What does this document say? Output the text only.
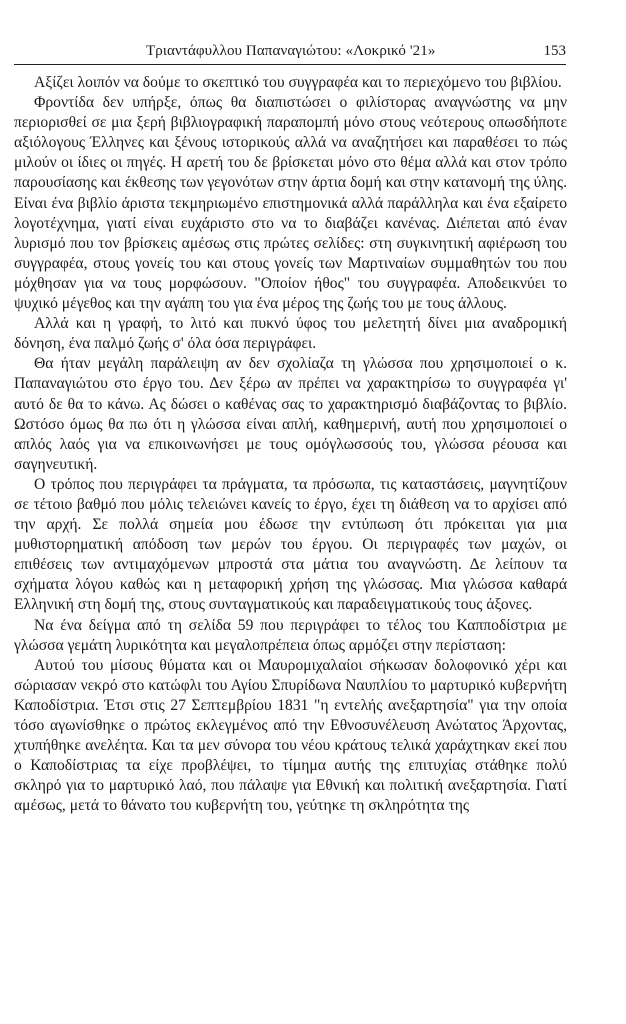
Τριαντάφυλλου Παπαναγιώτου: «Λοκρικό '21»	153

Αξίζει λοιπόν να δούμε το σκεπτικό του συγγραφέα και το περιεχόμενο του βιβλίου.

Φροντίδα δεν υπήρξε, όπως θα διαπιστώσει ο φιλίστορας αναγνώστης να μην περιορισθεί σε μια ξερή βιβλιογραφική παραπομπή μόνο στους νεότερους οπωσδήποτε αξιόλογους Έλληνες και ξένους ιστορικούς αλλά να αναζητήσει και παραθέσει το πώς μιλούν οι ίδιες οι πηγές. Η αρετή του δε βρίσκεται μόνο στο θέμα αλλά και στον τρόπο παρουσίασης και έκθεσης των γεγονότων στην άρτια δομή και στην κατανομή της ύλης. Είναι ένα βιβλίο άριστα τεκμηριωμένο επιστημονικά αλλά παράλληλα και ένα εξαίρετο λογοτέχνημα, γιατί είναι ευχάριστο στο να το διαβάζει κανένας. Διέπεται από έναν λυρισμό που τον βρίσκεις αμέσως στις πρώτες σελίδες: στη συγκινητική αφιέρωση του συγγραφέα, στους γονείς του και στους γονείς των Μαρτιναίων συμμαθητών του που μόχθησαν για να τους μορφώσουν. "Οποίον ήθος" του συγγραφέα. Αποδεικνύει το ψυχικό μέγεθος και την αγάπη του για ένα μέρος της ζωής του με τους άλλους.

Αλλά και η γραφή, το λιτό και πυκνό ύφος του μελετητή δίνει μια αναδρομική δόνηση, ένα παλμό ζωής σ' όλα όσα περιγράφει.

Θα ήταν μεγάλη παράλειψη αν δεν σχολίαζα τη γλώσσα που χρησιμοποιεί ο κ. Παπαναγιώτου στο έργο του. Δεν ξέρω αν πρέπει να χαρακτηρίσω το συγγραφέα γι' αυτό δε θα το κάνω. Ας δώσει ο καθένας σας το χαρακτηρισμό διαβάζοντας το βιβλίο. Ωστόσο όμως θα πω ότι η γλώσσα είναι απλή, καθημερινή, αυτή που χρησιμοποιεί ο απλός λαός για να επικοινωνήσει με τους ομόγλωσσούς του, γλώσσα ρέουσα και σαγηνευτική.

Ο τρόπος που περιγράφει τα πράγματα, τα πρόσωπα, τις καταστάσεις, μαγνητίζουν σε τέτοιο βαθμό που μόλις τελειώνει κανείς το έργο, έχει τη διάθεση να το αρχίσει από την αρχή. Σε πολλά σημεία μου έδωσε την εντύπωση ότι πρόκειται για μια μυθιστορηματική απόδοση των μερών του έργου. Οι περιγραφές των μαχών, οι επιθέσεις των αντιμαχόμενων μπροστά στα μάτια του αναγνώστη. Δε λείπουν τα σχήματα λόγου καθώς και η μεταφορική χρήση της γλώσσας. Μια γλώσσα καθαρά Ελληνική στη δομή της, στους συνταγματικούς και παραδειγματικούς τους άξονες.

Να ένα δείγμα από τη σελίδα 59 που περιγράφει το τέλος του Καπποδίστρια με γλώσσα γεμάτη λυρικότητα και μεγαλοπρέπεια όπως αρμόζει στην περίσταση:

Αυτού του μίσους θύματα και οι Μαυρομιχαλαίοι σήκωσαν δολοφονικό χέρι και σώριασαν νεκρό στο κατώφλι του Αγίου Σπυρίδωνα Ναυπλίου το μαρτυρικό κυβερνήτη Καποδίστρια. Έτσι στις 27 Σεπτεμβρίου 1831 "η εντελής ανεξαρτησία" για την οποία τόσο αγωνίσθηκε ο πρώτος εκλεγμένος από την Εθνοσυνέλευση Ανώτατος Άρχοντας, χτυπήθηκε ανελέητα. Και τα μεν σύνορα του νέου κράτους τελικά χαράχτηκαν εκεί που ο Καποδίστριας τα είχε προβλέψει, το τίμημα αυτής της επιτυχίας στάθηκε πολύ σκληρό για το μαρτυρικό λαό, που πάλαψε για Εθνική και πολιτική ανεξαρτησία. Γιατί αμέσως, μετά το θάνατο του κυβερνήτη του, γεύτηκε τη σκληρότητα της
